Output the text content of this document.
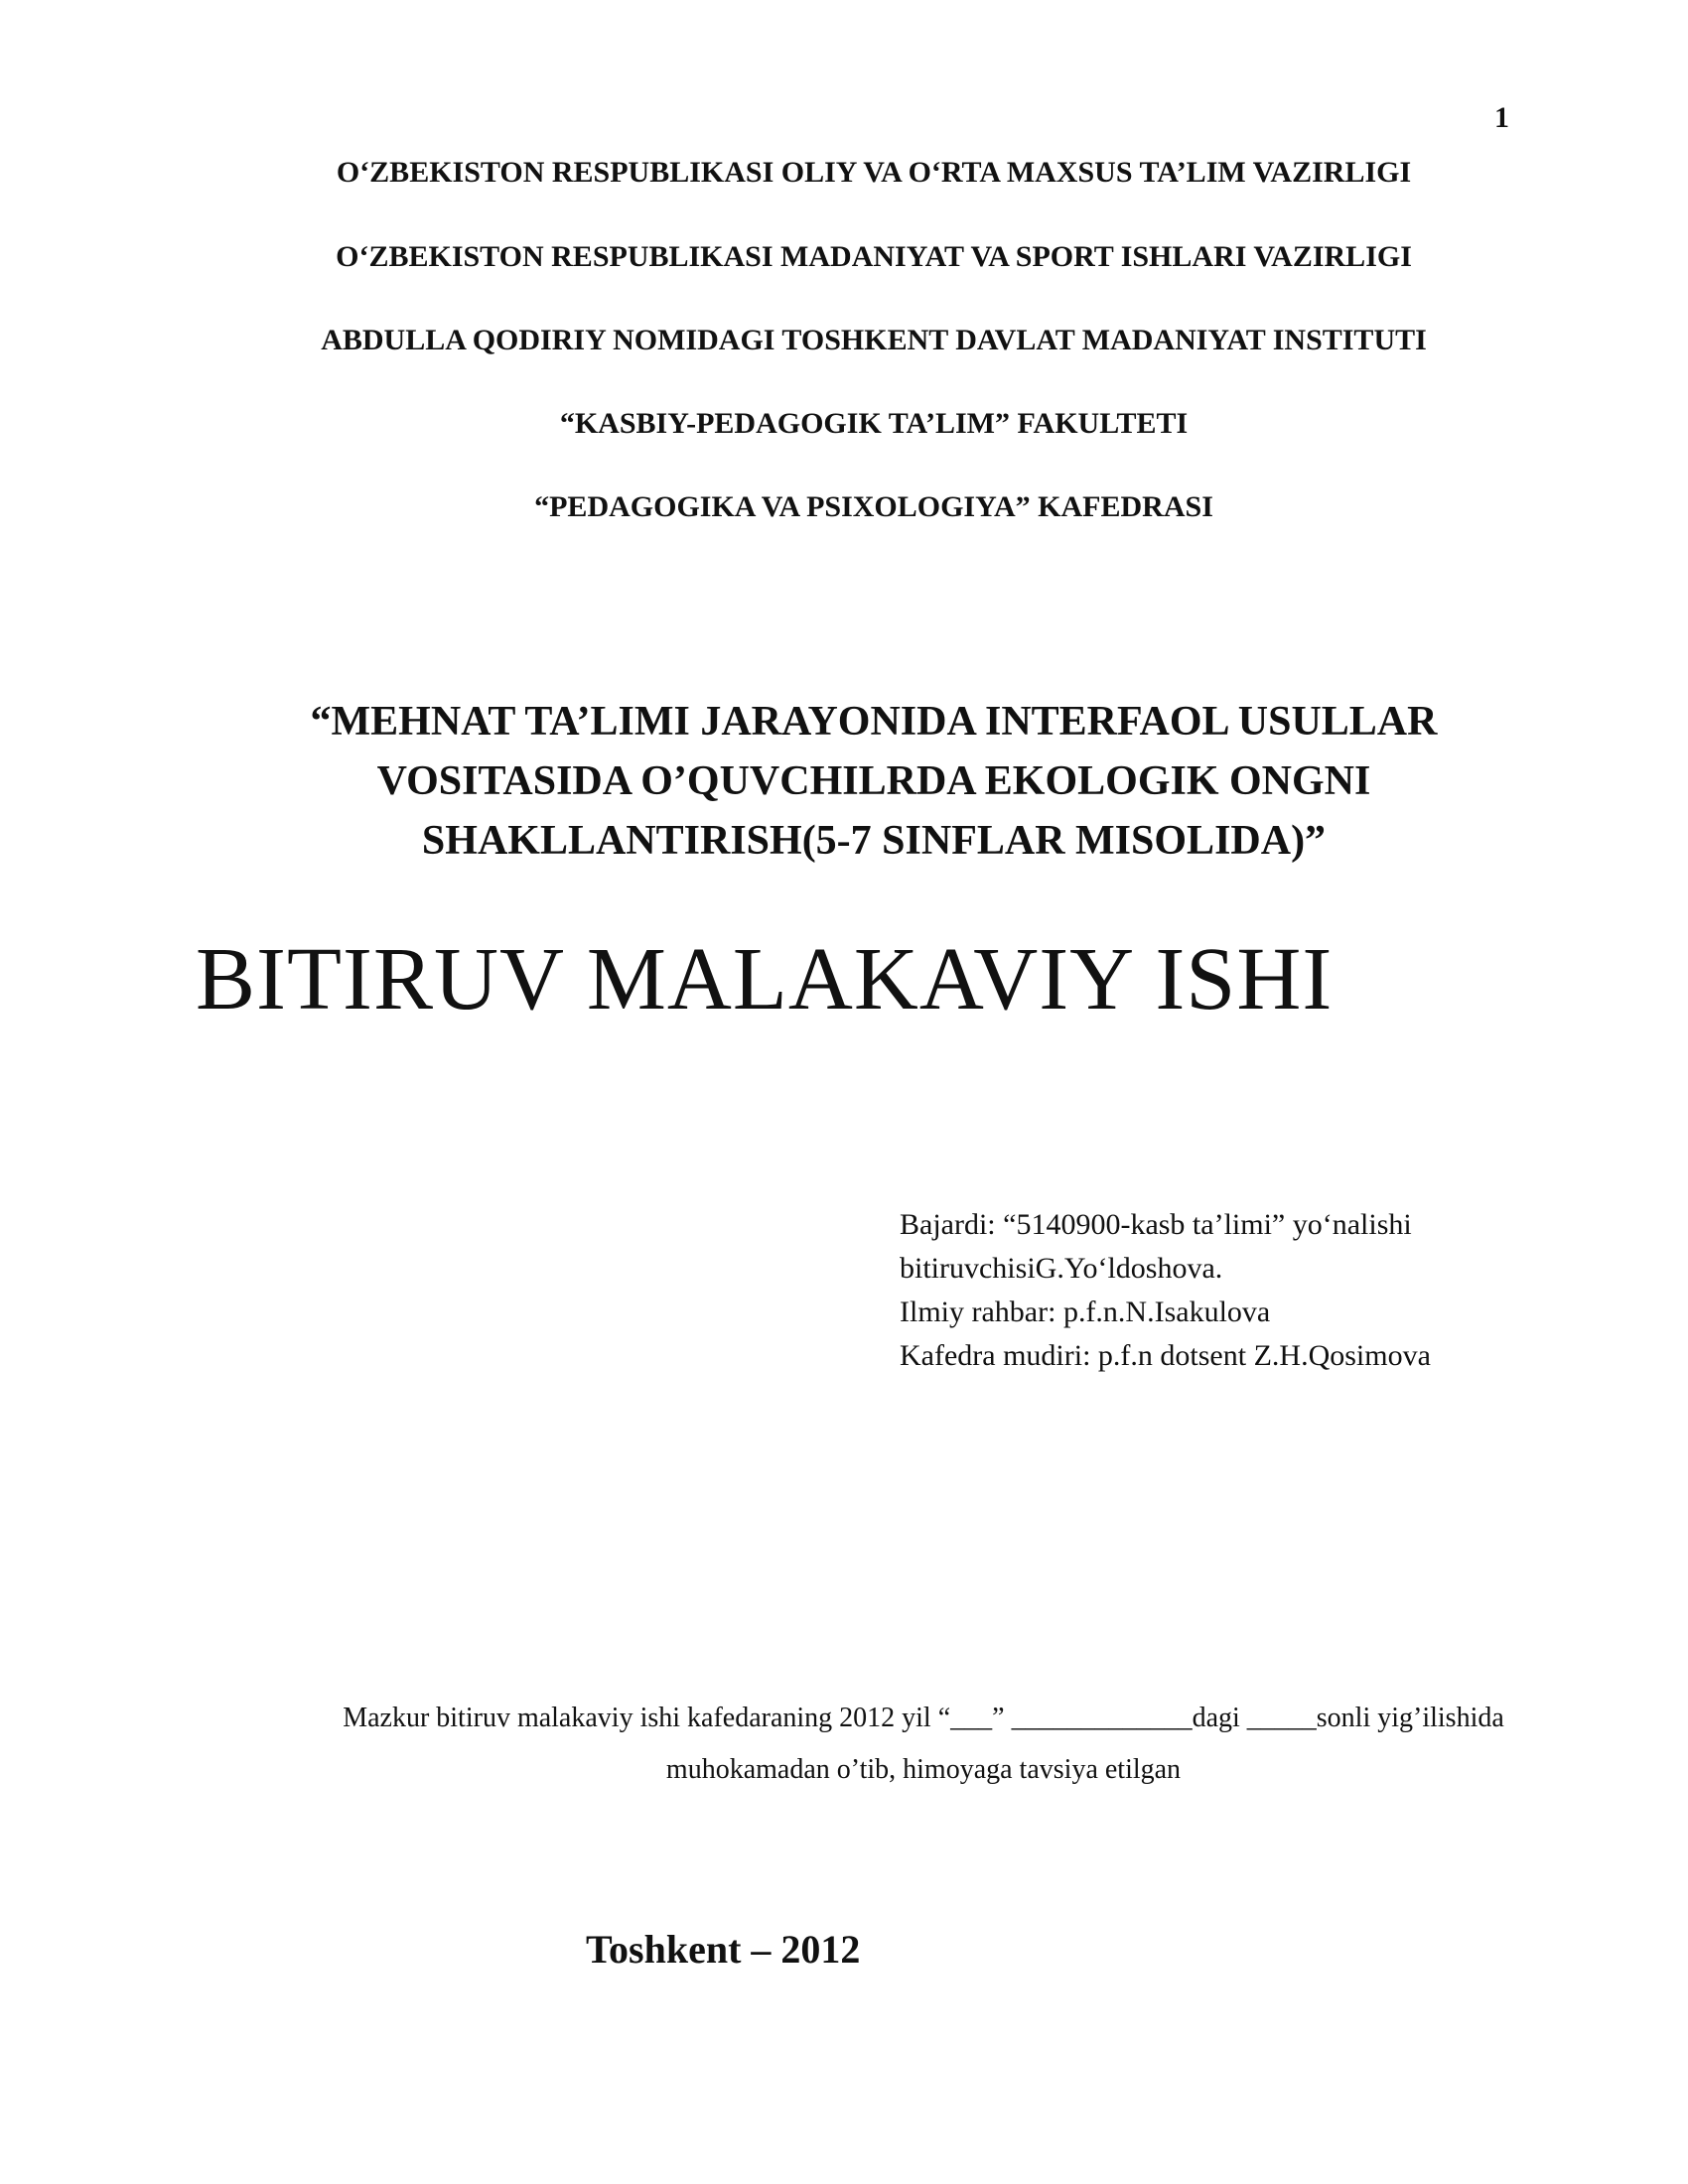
1
O‘ZBEKISTON RESPUBLIKASI OLIY VA O‘RTA MAXSUS TA’LIM VAZIRLIGI
O‘ZBEKISTON RESPUBLIKASI MADANIYAT VA SPORT ISHLARI VAZIRLIGI
ABDULLA QODIRIY NOMIDAGI TOSHKENT DAVLAT MADANIYAT INSTITUTI
“KASBIY-PEDAGOGIK TA’LIM” FAKULTETI
“PEDAGOGIKA VA PSIXOLOGIYA” KAFEDRASI
“MEHNAT TA’LIMI JARAYONIDA INTERFAOL USULLAR
VOSITASIDA O’QUVCHILRDA EKOLOGIK ONGNI
SHAKLLANTIRISH(5-7 SINFLAR MISOLIDA)”
BITIRUV MALAKAVIY ISHI
Bajardi: “5140900-kasb ta’limi” yo‘nalishi
bitiruvchisiG.Yo‘ldoshova.
Ilmiy rahbar: p.f.n.N.Isakulova
Kafedra mudiri: p.f.n dotsent Z.H.Qosimova
Mazkur bitiruv malakaviy ishi kafedaraning 2012 yil “___” _____________dagi _____sonli yig’ilishida
muhokamadan o’tib, himoyaga tavsiya etilgan
Toshkent – 2012
